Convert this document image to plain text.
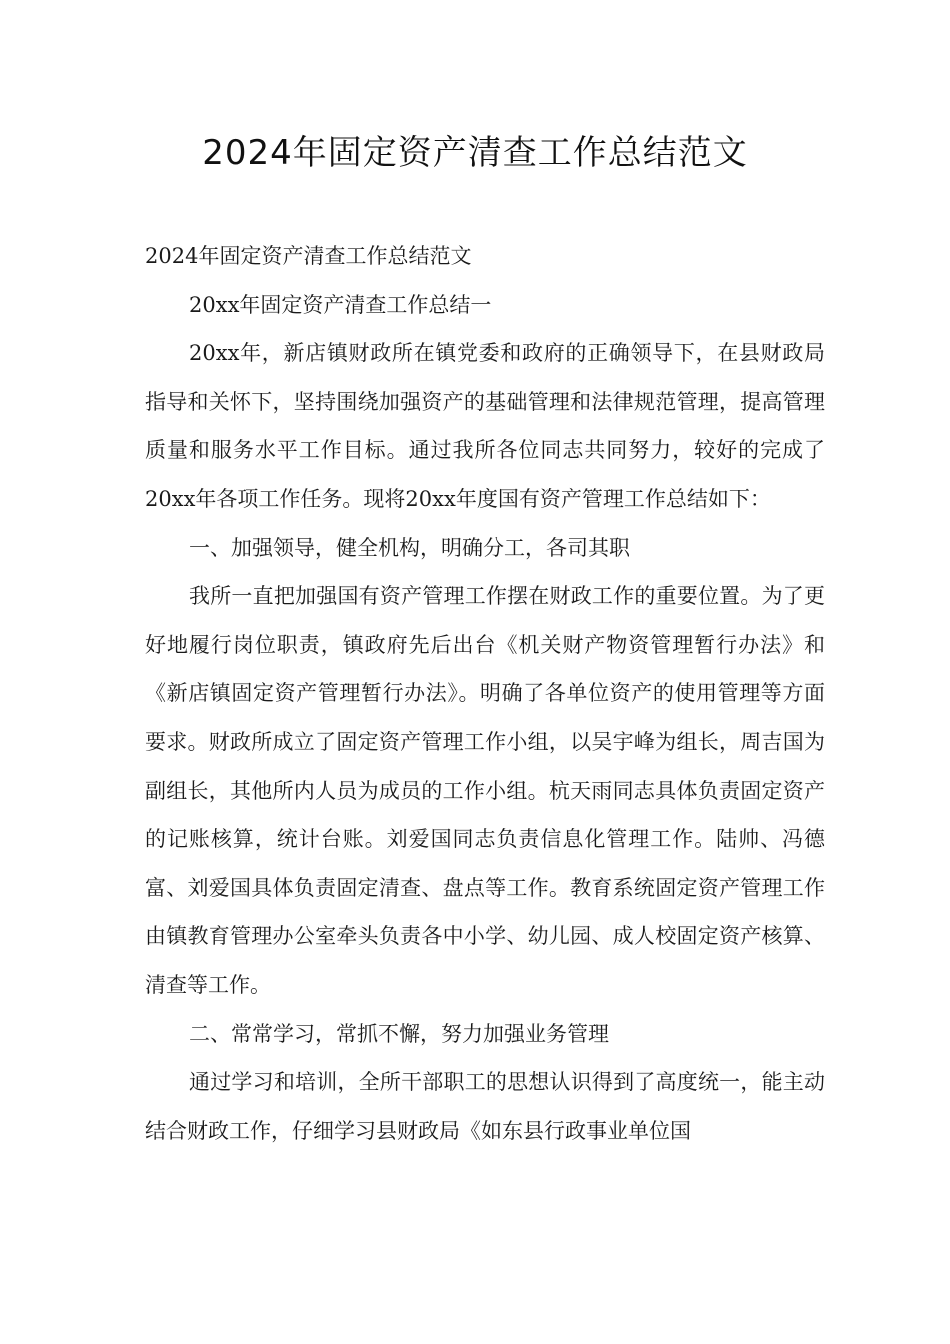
2024年固定资产清查工作总结范文

2024年固定资产清查工作总结范文

20xx年固定资产清查工作总结一

20xx年，新店镇财政所在镇党委和政府的正确领导下，在县财政局指导和关怀下，坚持围绕加强资产的基础管理和法律规范管理，提高管理质量和服务水平工作目标。通过我所各位同志共同努力，较好的完成了20xx年各项工作任务。现将20xx年度国有资产管理工作总结如下：

一、加强领导，健全机构，明确分工，各司其职

我所一直把加强国有资产管理工作摆在财政工作的重要位置。为了更好地履行岗位职责，镇政府先后出台《机关财产物资管理暂行办法》和《新店镇固定资产管理暂行办法》。明确了各单位资产的使用管理等方面要求。财政所成立了固定资产管理工作小组，以吴宇峰为组长，周吉国为副组长，其他所内人员为成员的工作小组。杭天雨同志具体负责固定资产的记账核算，统计台账。刘爱国同志负责信息化管理工作。陆帅、冯德富、刘爱国具体负责固定清查、盘点等工作。教育系统固定资产管理工作由镇教育管理办公室牵头负责各中小学、幼儿园、成人校固定资产核算、清查等工作。

二、常常学习，常抓不懈，努力加强业务管理

通过学习和培训，全所干部职工的思想认识得到了高度统一，能主动结合财政工作，仔细学习县财政局《如东县行政事业单位国
